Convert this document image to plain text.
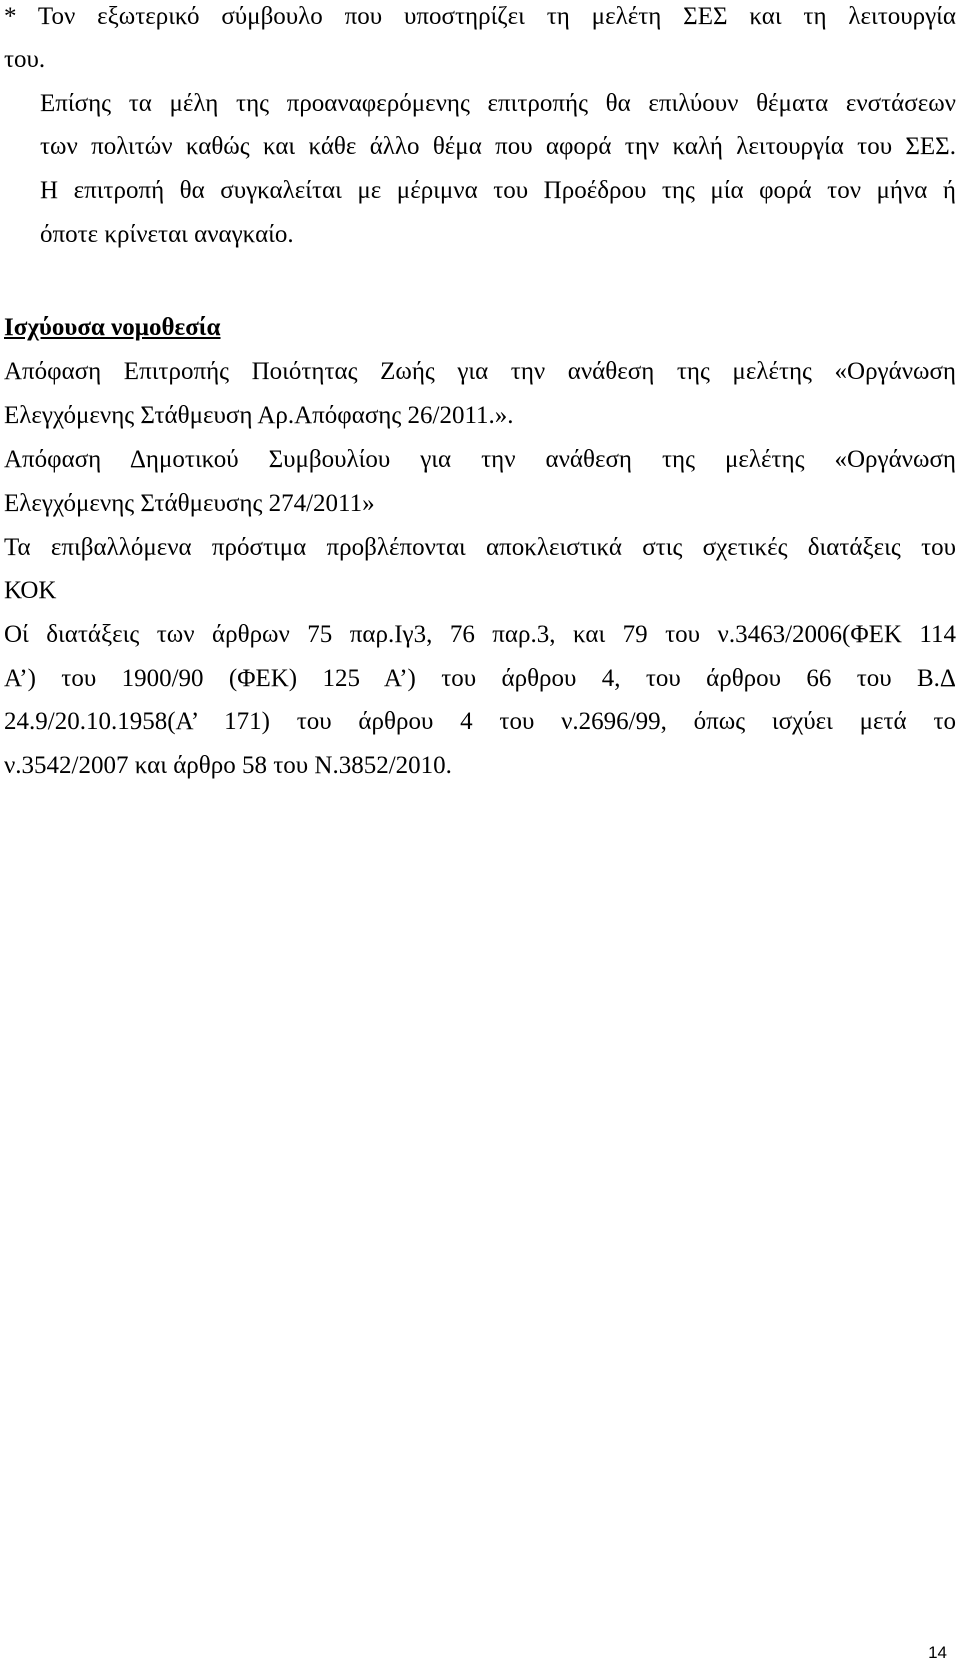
* Τον εξωτερικό σύμβουλο που υποστηρίζει τη μελέτη ΣΕΣ και τη λειτουργία
του.
Επίσης τα μέλη της προαναφερόμενης επιτροπής θα επιλύουν θέματα ενστάσεων
των πολιτών καθώς και κάθε άλλο θέμα που αφορά την καλή λειτουργία του ΣΕΣ.
Η επιτροπή θα συγκαλείται με μέριμνα του Προέδρου της μία φορά τον μήνα ή
όποτε κρίνεται αναγκαίο.
Ισχύουσα νομοθεσία
Απόφαση Επιτροπής Ποιότητας Ζωής για την ανάθεση της μελέτης «Οργάνωση
Ελεγχόμενης Στάθμευση Αρ.Απόφασης 26/2011.».
Απόφαση Δημοτικού Συμβουλίου για την ανάθεση της μελέτης «Οργάνωση
Ελεγχόμενης Στάθμευσης 274/2011»
Τα επιβαλλόμενα πρόστιμα προβλέπονται αποκλειστικά στις σχετικές διατάξεις του
ΚΟΚ
Οί διατάξεις των άρθρων 75 παρ.Ιγ3, 76 παρ.3, και 79 του ν.3463/2006(ΦΕΚ 114
Α’) του 1900/90 (ΦΕΚ) 125 Α’) του άρθρου 4, του άρθρου 66 του Β.Δ
24.9/20.10.1958(Α’ 171) του άρθρου 4 του ν.2696/99, όπως ισχύει μετά το
ν.3542/2007 και άρθρο 58 του Ν.3852/2010.
14
